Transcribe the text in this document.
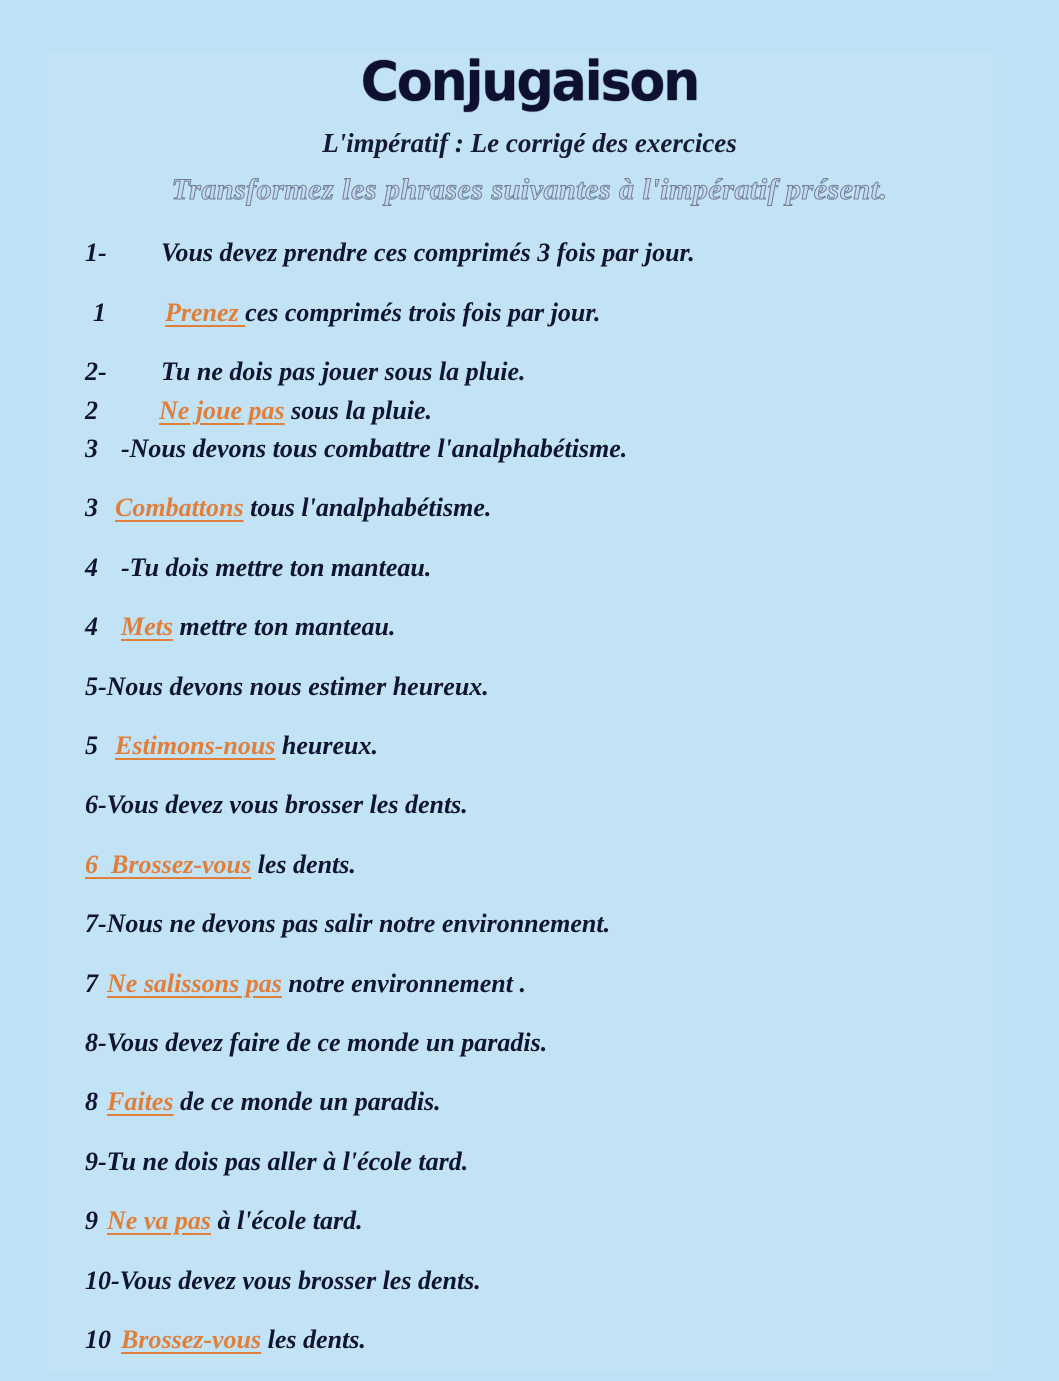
Conjugaison
L'impératif : Le corrigé des exercices
Transformez les phrases suivantes à l'impératif présent.
1- Vous devez prendre ces comprimés 3 fois par jour.
1 Prenez ces comprimés trois fois par jour.
2- Tu ne dois pas jouer sous la pluie.
2 Ne joue pas sous la pluie.
3 -Nous devons tous combattre l'analphabétisme.
3 Combattons tous l'analphabétisme.
4 -Tu dois mettre ton manteau.
4 Mets mettre ton manteau.
5-Nous devons nous estimer heureux.
5 Estimons-nous heureux.
6-Vous devez vous brosser les dents.
6  Brossez-vous les dents.
7-Nous ne devons pas salir notre environnement.
7 Ne salissons pas notre environnement .
8-Vous devez faire de ce monde un paradis.
8 Faites de ce monde un paradis.
9-Tu ne dois pas aller à l'école tard.
9 Ne va pas à l'école tard.
10-Vous devez vous brosser les dents.
10 Brossez-vous les dents.
